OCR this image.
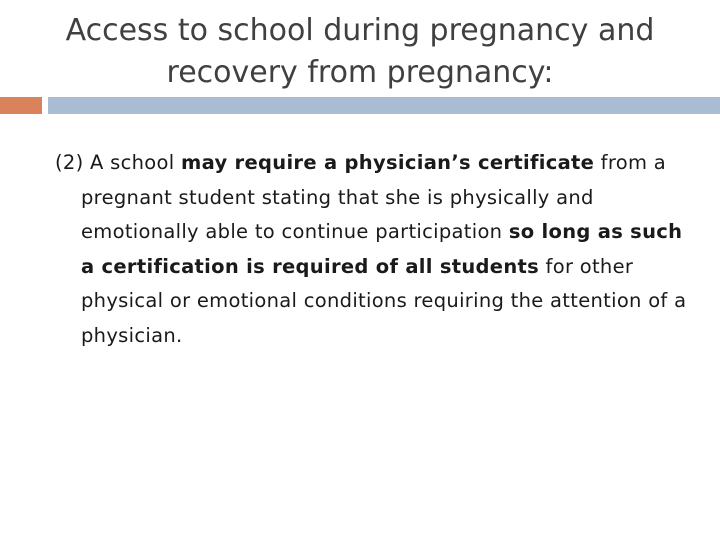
Access to school during pregnancy and recovery from pregnancy:

(2) A school may require a physician’s certificate from a pregnant student stating that she is physically and emotionally able to continue participation so long as such a certification is required of all students for other physical or emotional conditions requiring the attention of a physician.
